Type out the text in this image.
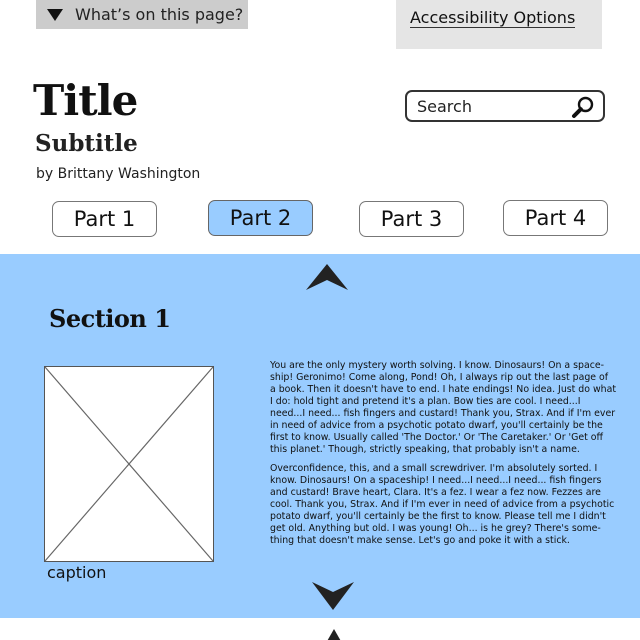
What’s on this page?	Accessibility Options
Title
Subtitle
by Brittany Washington
Search
Part 1	Part 2	Part 3	Part 4
Section 1
caption

You are the only mystery worth solving. I know. Dinosaurs! On a space-ship! Geronimo! Come along, Pond! Oh, I always rip out the last page of a book. Then it doesn't have to end. I hate endings! No idea. Just do what I do: hold tight and pretend it's a plan. Bow ties are cool. I need...I need...I need... fish fingers and custard! Thank you, Strax. And if I'm ever in need of advice from a psychotic potato dwarf, you'll certainly be the first to know. Usually called 'The Doctor.' Or 'The Caretaker.' Or 'Get off this planet.' Though, strictly speaking, that probably isn't a name.

Overconfidence, this, and a small screwdriver. I'm absolutely sorted. I know. Dinosaurs! On a spaceship! I need...I need...I need... fish fingers and custard! Brave heart, Clara. It's a fez. I wear a fez now. Fezzes are cool. Thank you, Strax. And if I'm ever in need of advice from a psychotic potato dwarf, you'll certainly be the first to know. Please tell me I didn't get old. Anything but old. I was young! Oh... is he grey? There's some-thing that doesn't make sense. Let's go and poke it with a stick.
